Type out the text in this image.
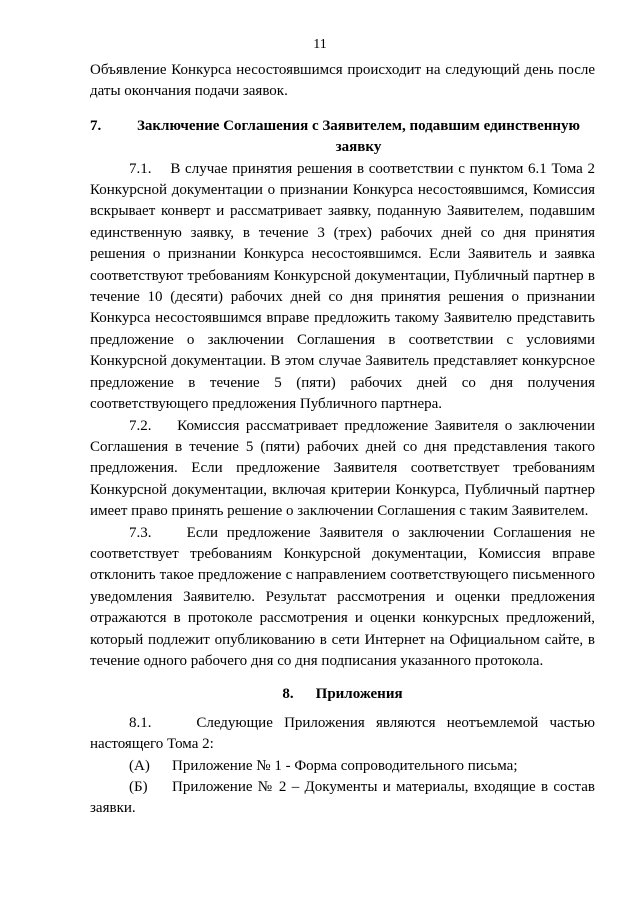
11

Объявление Конкурса несостоявшимся происходит на следующий день после даты окончания подачи заявок.

7. Заключение Соглашения с Заявителем, подавшим единственную заявку

7.1.    В случае принятия решения в соответствии с пунктом 6.1 Тома 2 Конкурсной документации о признании Конкурса несостоявшимся, Комиссия вскрывает конверт и рассматривает заявку, поданную Заявителем, подавшим единственную заявку, в течение 3 (трех) рабочих дней со дня принятия решения о признании Конкурса несостоявшимся. Если Заявитель и заявка соответствуют требованиям Конкурсной документации, Публичный партнер в течение 10 (десяти) рабочих дней со дня принятия решения о признании Конкурса несостоявшимся вправе предложить такому Заявителю представить предложение о заключении Соглашения в соответствии с условиями Конкурсной документации. В этом случае Заявитель представляет конкурсное предложение в течение 5 (пяти) рабочих дней со дня получения соответствующего предложения Публичного партнера.

7.2.    Комиссия рассматривает предложение Заявителя о заключении Соглашения в течение 5 (пяти) рабочих дней со дня представления такого предложения. Если предложение Заявителя соответствует требованиям Конкурсной документации, включая критерии Конкурса, Публичный партнер имеет право принять решение о заключении Соглашения с таким Заявителем.

7.3.    Если предложение Заявителя о заключении Соглашения не соответствует требованиям Конкурсной документации, Комиссия вправе отклонить такое предложение с направлением соответствующего письменного уведомления Заявителю. Результат рассмотрения и оценки предложения отражаются в протоколе рассмотрения и оценки конкурсных предложений, который подлежит опубликованию в сети Интернет на Официальном сайте, в течение одного рабочего дня со дня подписания указанного протокола.

8. Приложения

8.1.    Следующие Приложения являются неотъемлемой частью настоящего Тома 2:

(А) Приложение № 1 - Форма сопроводительного письма;

(Б) Приложение № 2 – Документы и материалы, входящие в состав заявки.
